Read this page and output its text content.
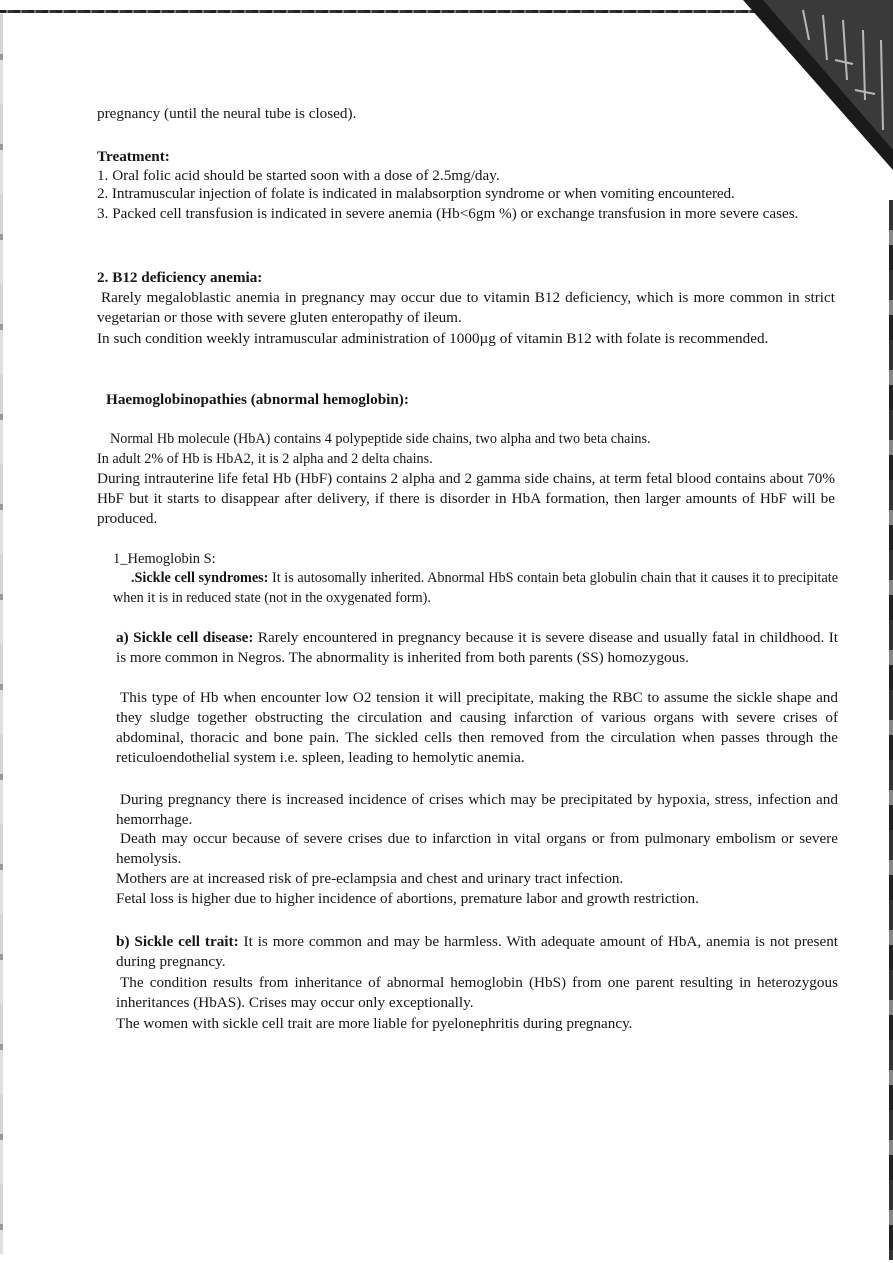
pregnancy (until the neural tube is closed).

Treatment:

1. Oral folic acid should be started soon with a dose of 2.5mg/day.

2. Intramuscular injection of folate is indicated in malabsorption syndrome or when vomiting encountered.

3. Packed cell transfusion is indicated in severe anemia (Hb<6gm %) or exchange transfusion in more severe cases.

2. B12 deficiency anemia:

Rarely megaloblastic anemia in pregnancy may occur due to vitamin B12 deficiency, which is more common in strict vegetarian or those with severe gluten enteropathy of ileum.

In such condition weekly intramuscular administration of 1000µg of vitamin B12 with folate is recommended.

Haemoglobinopathies (abnormal hemoglobin):

Normal Hb molecule (HbA) contains 4 polypeptide side chains, two alpha and two beta chains.

In adult 2% of Hb is HbA2, it is 2 alpha and 2 delta chains.

During intrauterine life fetal Hb (HbF) contains 2 alpha and 2 gamma side chains, at term fetal blood contains about 70% HbF but it starts to disappear after delivery, if there is disorder in HbA formation, then larger amounts of HbF will be produced.

1_Hemoglobin S:

.Sickle cell syndromes: It is autosomally inherited. Abnormal HbS contain beta globulin chain that it causes it to precipitate when it is in reduced state (not in the oxygenated form).

a) Sickle cell disease: Rarely encountered in pregnancy because it is severe disease and usually fatal in childhood. It is more common in Negros. The abnormality is inherited from both parents (SS) homozygous.

This type of Hb when encounter low O2 tension it will precipitate, making the RBC to assume the sickle shape and they sludge together obstructing the circulation and causing infarction of various organs with severe crises of abdominal, thoracic and bone pain. The sickled cells then removed from the circulation when passes through the reticuloendothelial system i.e. spleen, leading to hemolytic anemia.

During pregnancy there is increased incidence of crises which may be precipitated by hypoxia, stress, infection and hemorrhage.

Death may occur because of severe crises due to infarction in vital organs or from pulmonary embolism or severe hemolysis.

Mothers are at increased risk of pre-eclampsia and chest and urinary tract infection.

Fetal loss is higher due to higher incidence of abortions, premature labor and growth restriction.

b) Sickle cell trait: It is more common and may be harmless. With adequate amount of HbA, anemia is not present during pregnancy.

The condition results from inheritance of abnormal hemoglobin (HbS) from one parent resulting in heterozygous inheritances (HbAS). Crises may occur only exceptionally.

The women with sickle cell trait are more liable for pyelonephritis during pregnancy.
